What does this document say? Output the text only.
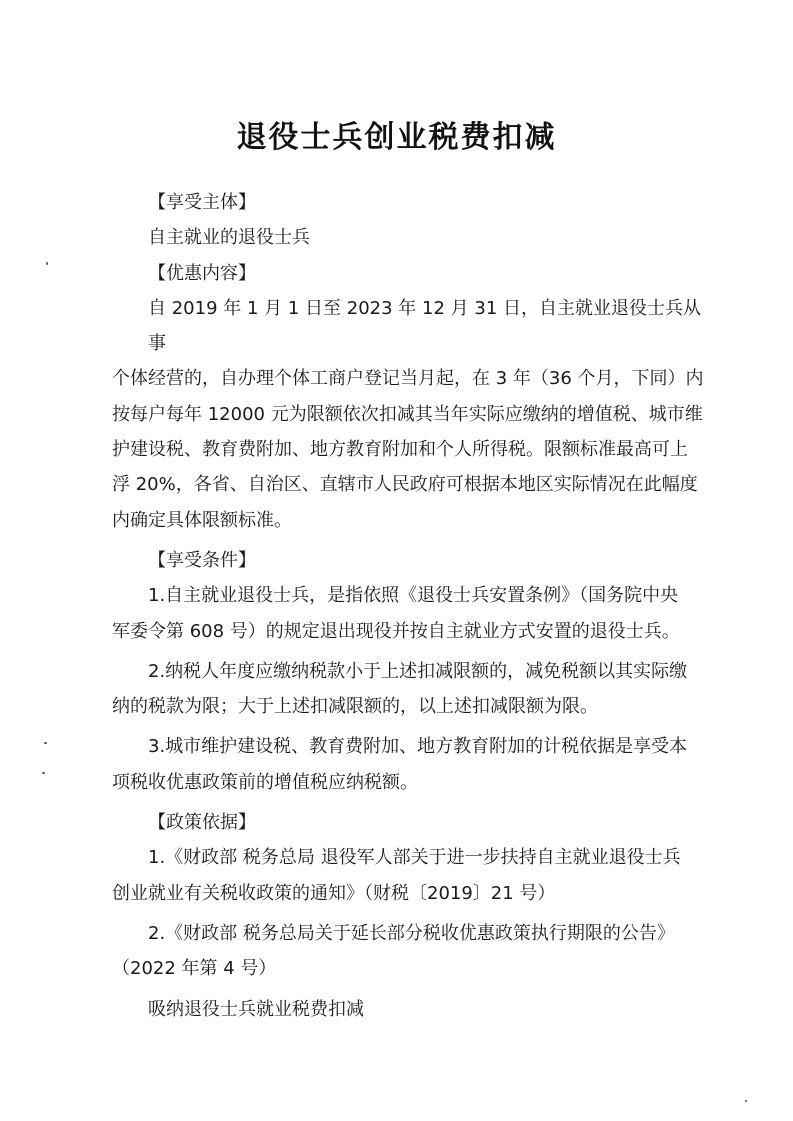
退役士兵创业税费扣减

【享受主体】

自主就业的退役士兵

【优惠内容】

自 2019 年 1 月 1 日至 2023 年 12 月 31 日，自主就业退役士兵从事

个体经营的，自办理个体工商户登记当月起，在 3 年（36 个月，下同）内

按每户每年 12000 元为限额依次扣减其当年实际应缴纳的增值税、城市维

护建设税、教育费附加、地方教育附加和个人所得税。限额标准最高可上

浮 20%，各省、自治区、直辖市人民政府可根据本地区实际情况在此幅度

内确定具体限额标准。

【享受条件】

1.自主就业退役士兵，是指依照《退役士兵安置条例》（国务院中央

军委令第 608 号）的规定退出现役并按自主就业方式安置的退役士兵。

2.纳税人年度应缴纳税款小于上述扣减限额的，减免税额以其实际缴

纳的税款为限；大于上述扣减限额的，以上述扣减限额为限。

3.城市维护建设税、教育费附加、地方教育附加的计税依据是享受本

项税收优惠政策前的增值税应纳税额。

【政策依据】

1.《财政部 税务总局 退役军人部关于进一步扶持自主就业退役士兵

创业就业有关税收政策的通知》（财税〔2019〕21 号）

2.《财政部 税务总局关于延长部分税收优惠政策执行期限的公告》

（2022 年第 4 号）

吸纳退役士兵就业税费扣减
